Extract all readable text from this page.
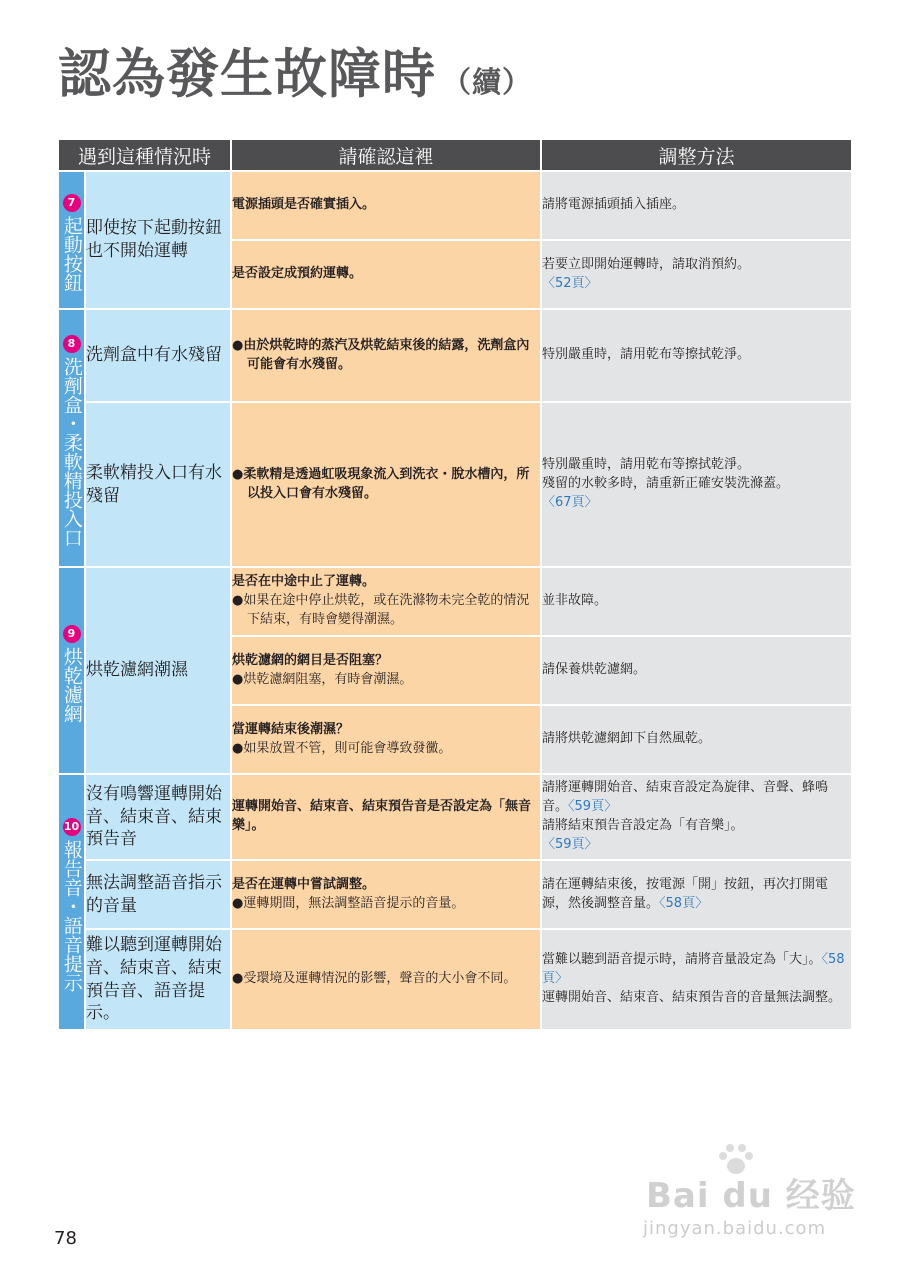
認為發生故障時 （續）
遇到這種情況時		請確認這裡	調整方法
7
起動按鈕	即使按下起動按鈕也不開始運轉	電源插頭是否確實插入。	請將電源插頭插入插座。

		是否設定成預約運轉。	若要立即開始運轉時，請取消預約。
〈52頁〉

8
洗劑盒・柔軟精投入口	洗劑盒中有水殘留	●由於烘乾時的蒸汽及烘乾結束後的結露，洗劑盒內可能會有水殘留。	特別嚴重時，請用乾布等擦拭乾淨。

	柔軟精投入口有水殘留	●柔軟精是透過虹吸現象流入到洗衣・脫水槽內，所以投入口會有水殘留。	特別嚴重時，請用乾布等擦拭乾淨。
殘留的水較多時，請重新正確安裝洗滌蓋。
〈67頁〉

9
烘乾濾網	烘乾濾網潮濕	是否在中途中止了運轉。
●如果在途中停止烘乾，或在洗滌物未完全乾的情況下結束，有時會變得潮濕。	並非故障。

		烘乾濾網的網目是否阻塞？
●烘乾濾網阻塞，有時會潮濕。	請保養烘乾濾網。

		當運轉結束後潮濕？
●如果放置不管，則可能會導致發黴。	請將烘乾濾網卸下自然風乾。

10
報告音・語音提示	沒有鳴響運轉開始音、結束音、結束預告音	運轉開始音、結束音、結束預告音是否設定為「無音樂」。	請將運轉開始音、結束音設定為旋律、音聲、蜂鳴音。〈59頁〉
請將結束預告音設定為「有音樂」。
〈59頁〉

	無法調整語音指示的音量	是否在運轉中嘗試調整。
●運轉期間，無法調整語音提示的音量。	請在運轉結束後，按電源「開」按鈕，再次打開電源，然後調整音量。〈58頁〉
	難以聽到運轉開始音、結束音、結束預告音、語音提示。	●受環境及運轉情況的影響，聲音的大小會不同。	當難以聽到語音提示時，請將音量設定為「大」。〈58頁〉
運轉開始音、結束音、結束預告音的音量無法調整。
78
Bai du 经验
jingyan.baidu.com
